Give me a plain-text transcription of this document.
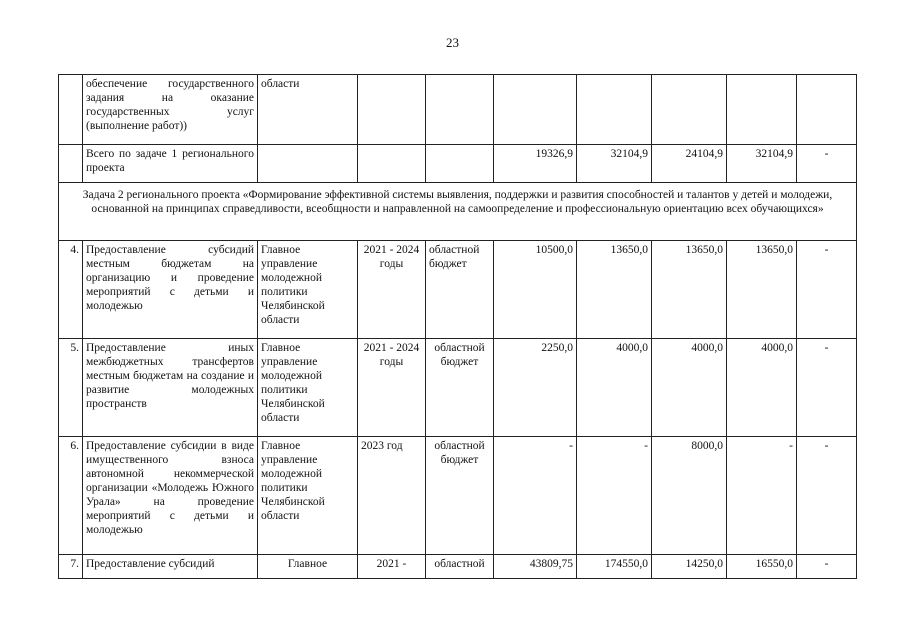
23
	обеспечение государственного задания на оказание государственных услуг (выполнение работ))	области							
	Всего по задаче 1 регионального проекта				19326,9	32104,9	24104,9	32104,9	-
Задача 2 регионального проекта «Формирование эффективной системы выявления, поддержки и развития способностей и талантов у детей и молодежи, основанной на принципах справедливости, всеобщности и направленной на самоопределение и профессиональную ориентацию всех обучающихся»									
4.	Предоставление субсидий местным бюджетам на организацию и проведение мероприятий с детьми и молодежью	Главное управление молодежной политики Челябинской области	2021 - 2024 годы	областной бюджет	10500,0	13650,0	13650,0	13650,0	-
5.	Предоставление иных межбюджетных трансфертов местным бюджетам на создание и развитие молодежных пространств	Главное управление молодежной политики Челябинской области	2021 - 2024 годы	областной бюджет	2250,0	4000,0	4000,0	4000,0	-
6.	Предоставление субсидии в виде имущественного взноса автономной некоммерческой организации «Молодежь Южного Урала» на проведение мероприятий с детьми и молодежью	Главное управление молодежной политики Челябинской области	2023 год	областной бюджет	-	-	8000,0	-	-
7.	Предоставление субсидий	Главное	2021 -	областной	43809,75	174550,0	14250,0	16550,0	-
